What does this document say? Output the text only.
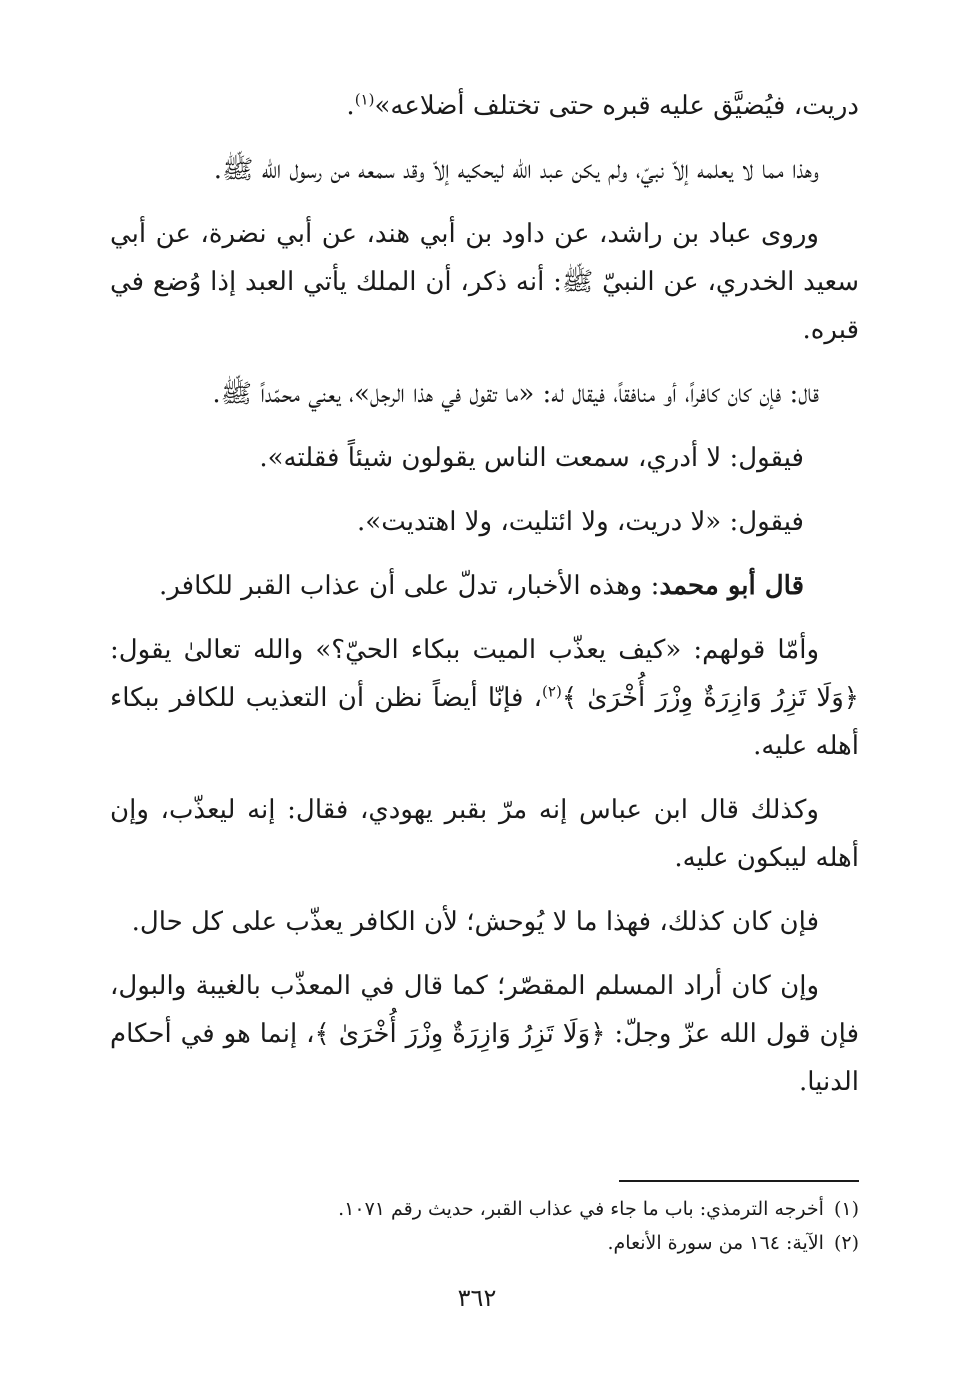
دريت، فيُضيَّق عليه قبره حتى تختلف أضلاعه»$^{(١)}$.

وهذا مما لا يعلمه إلاّ نبيّ، ولم يكن عبد الله ليحكيه إلاّ وقد سمعه من رسول الله ﷺ.

وروى عباد بن راشد، عن داود بن أبي هند، عن أبي نضرة، عن أبي سعيد الخدري، عن النبيّ ﷺ: أنه ذكر، أن الملك يأتي العبد إذا وُضع في قبره.

قال: فإن كان كافراً، أو منافقاً، فيقال له: «ما تقول في هذا الرجل»، يعني محمّداً ﷺ.

فيقول: لا أدري، سمعت الناس يقولون شيئاً فقلته».

فيقول: «لا دريت، ولا ائتليت، ولا اهتديت».

قال أبو محمد: وهذه الأخبار، تدلّ على أن عذاب القبر للكافر.

وأمّا قولهم: «كيف يعذّب الميت ببكاء الحيّ؟» والله تعالىٰ يقول: ﴿وَلَا تَزِرُ وَازِرَةٌ وِزْرَ أُخْرَىٰ ﴾$^{(٢)}$، فإنّا أيضاً نظن أن التعذيب للكافر ببكاء أهله عليه.

وكذلك قال ابن عباس إنه مرّ بقبر يهودي، فقال: إنه ليعذّب، وإن أهله ليبكون عليه.

فإن كان كذلك، فهذا ما لا يُوحش؛ لأن الكافر يعذّب على كل حال.

وإن كان أراد المسلم المقصّر؛ كما قال في المعذّب بالغيبة والبول، فإن قول الله عزّ وجلّ: ﴿وَلَا تَزِرُ وَازِرَةٌ وِزْرَ أُخْرَىٰ ﴾، إنما هو في أحكام الدنيا.

(١)أخرجه الترمذي: باب ما جاء في عذاب القبر، حديث رقم ١٠٧١.

(٢)الآية: ١٦٤ من سورة الأنعام.

٣٦٢
